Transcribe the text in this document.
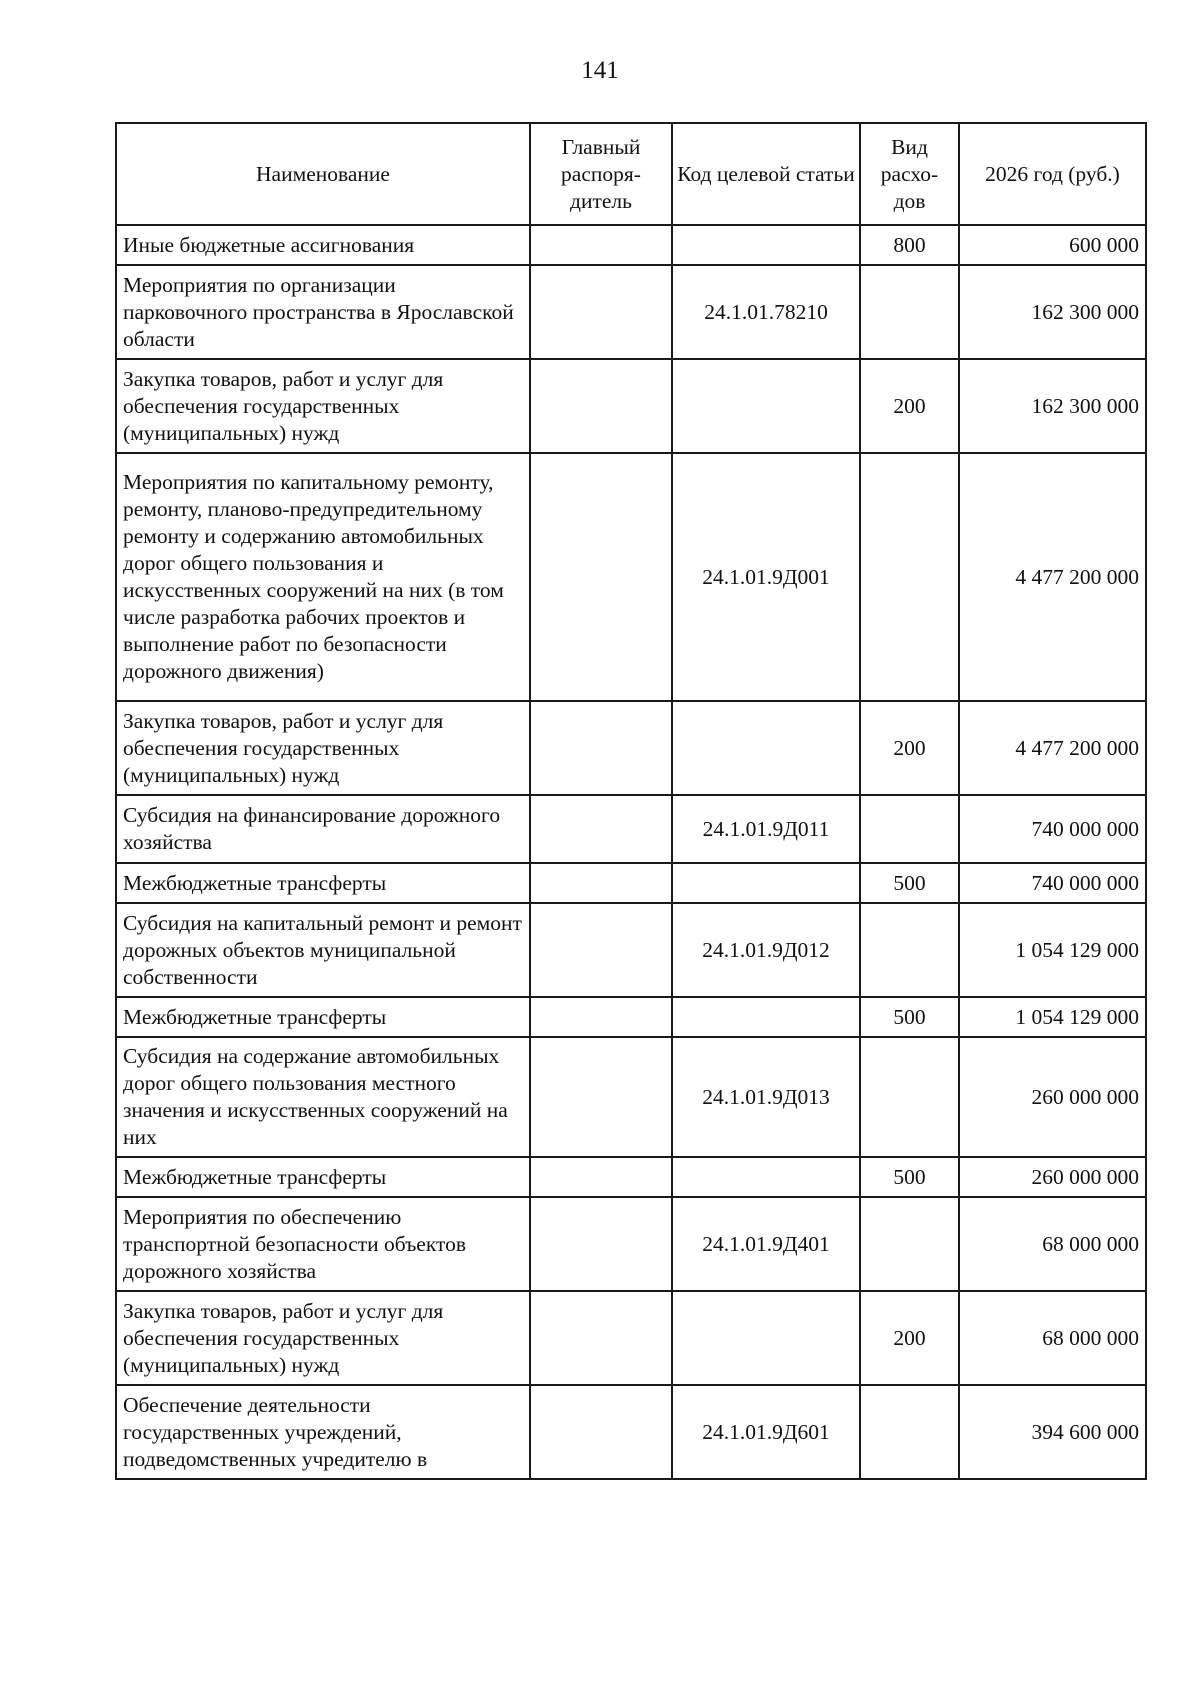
141
Наименование	Главный распоря-дитель	Код целевой статьи	Вид расхо-дов	2026 год (руб.)
Иные бюджетные ассигнования			800	600 000
Мероприятия по организации парковочного пространства в Ярославской области		24.1.01.78210		162 300 000
Закупка товаров, работ и услуг для обеспечения государственных (муниципальных) нужд			200	162 300 000
Мероприятия по капитальному ремонту, ремонту, планово-предупредительному ремонту и содержанию автомобильных дорог общего пользования и искусственных сооружений на них (в том числе разработка рабочих проектов и выполнение работ по безопасности дорожного движения)		24.1.01.9Д001		4 477 200 000
Закупка товаров, работ и услуг для обеспечения государственных (муниципальных) нужд			200	4 477 200 000
Субсидия на финансирование дорожного хозяйства		24.1.01.9Д011		740 000 000
Межбюджетные трансферты			500	740 000 000
Субсидия на капитальный ремонт и ремонт дорожных объектов муниципальной собственности		24.1.01.9Д012		1 054 129 000
Межбюджетные трансферты			500	1 054 129 000
Субсидия на содержание автомобильных дорог общего пользования местного значения и искусственных сооружений на них		24.1.01.9Д013		260 000 000
Межбюджетные трансферты			500	260 000 000
Мероприятия по обеспечению транспортной безопасности объектов дорожного хозяйства		24.1.01.9Д401		68 000 000
Закупка товаров, работ и услуг для обеспечения государственных (муниципальных) нужд			200	68 000 000
Обеспечение деятельности государственных учреждений, подведомственных учредителю в		24.1.01.9Д601		394 600 000
